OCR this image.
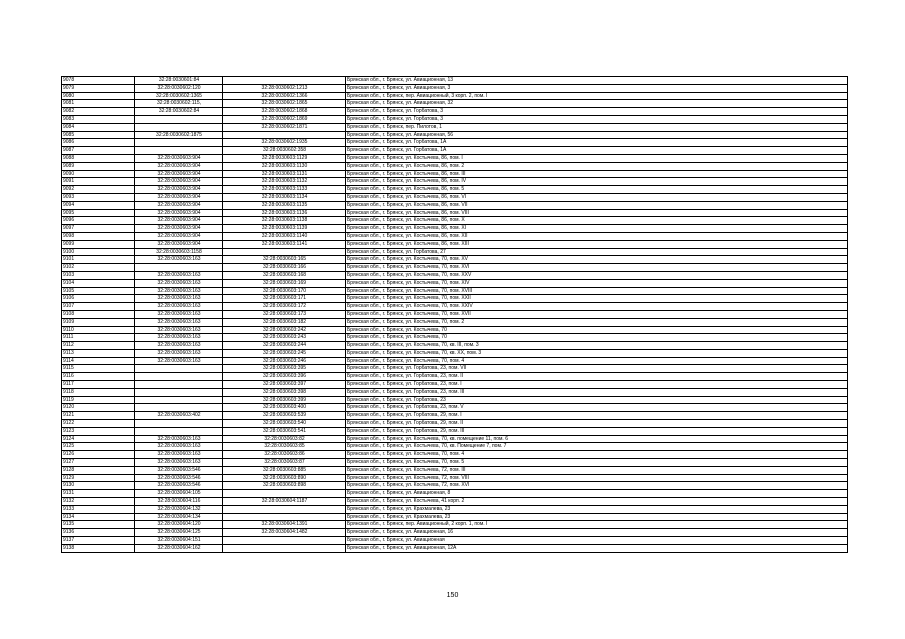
9078	32:28:0030601:84		Брянская обл., г. Брянск, ул. Авиационная, 13
9079	32:28:0030602:120	32:28:0030602:1213	Брянская обл., г. Брянск, ул. Авиационная, 3
9080	32:28:0030602:1365	32:28:0030602:1366	Брянская обл., г. Брянск, пер. Авиационный, 3 корп. 2, пом. I
9081	32:28:0030602:115,	32:28:0030602:1865	Брянская обл., г. Брянск, ул. Авиационная, 32
9082	32:28:0030602:84	32:28:0030602:1868	Брянская обл., г. Брянск, ул. Горбатова, 3
9083		32:28:0030602:1869	Брянская обл., г. Брянск, ул. Горбатова, 3
9084		32:28:0030602:1871	Брянская обл., г. Брянск, пер. Пилотов, 1
9085	32:28:0030602:1875		Брянская обл., г. Брянск, ул. Авиационная, 56
9086		32:28:0030602:1935	Брянская обл., г. Брянск, ул. Горбатова, 1А
9087		32:28:0030602:358	Брянская обл., г. Брянск, ул. Горбатова, 1А
9088	32:28:0030603:904	32:28:0030603:1129	Брянская обл., г. Брянск, ул. Костычева, 86, пом. I
9089	32:28:0030603:904	32:28:0030603:1130	Брянская обл., г. Брянск, ул. Костычева, 86, пом. 2
9090	32:28:0030603:904	32:28:0030603:1131	Брянская обл., г. Брянск, ул. Костычева, 86, пом. III
9091	32:28:0030603:904	32:28:0030603:1132	Брянская обл., г. Брянск, ул. Костычева, 86, пом. IV
9092	32:28:0030603:904	32:28:0030603:1133	Брянская обл., г. Брянск, ул. Костычева, 86, пом. 5
9093	32:28:0030603:904	32:28:0030603:1134	Брянская обл., г. Брянск, ул. Костычева, 86, пом. VI
9094	32:28:0030603:904	32:28:0030603:1135	Брянская обл., г. Брянск, ул. Костычева, 86, пом. VII
9095	32:28:0030603:904	32:28:0030603:1136	Брянская обл., г. Брянск, ул. Костычева, 86, пом. VIII
9096	32:28:0030603:904	32:28:0030603:1138	Брянская обл., г. Брянск, ул. Костычева, 86, пом. X
9097	32:28:0030603:904	32:28:0030603:1139	Брянская обл., г. Брянск, ул. Костычева, 86, пом. XI
9098	32:28:0030603:904	32:28:0030603:1140	Брянская обл., г. Брянск, ул. Костычева, 86, пом. XII
9099	32:28:0030603:904	32:28:0030603:1141	Брянская обл., г. Брянск, ул. Костычева, 86, пом. XIII
9100	32:28:0030603:1158		Брянская обл., г. Брянск, ул. Горбатова, 27
9101	32:28:0030603:163	32:28:0030603:165	Брянская обл., г. Брянск, ул. Костычева, 70, пом. XV
9102		32:28:0030603:166	Брянская обл., г. Брянск, ул. Костычева, 70, пом. XVI
9103	32:28:0030603:163	32:28:0030603:168	Брянская обл., г. Брянск, ул. Костычева, 70, пом. XXV
9104	32:28:0030603:163	32:28:0030603:169	Брянская обл., г. Брянск, ул. Костычева, 70, пом. XIV
9105	32:28:0030603:163	32:28:0030603:170	Брянская обл., г. Брянск, ул. Костычева, 70, пом. XVIII
9106	32:28:0030603:163	32:28:0030603:171	Брянская обл., г. Брянск, ул. Костычева, 70, пом. XXII
9107	32:28:0030603:163	32:28:0030603:172	Брянская обл., г. Брянск, ул. Костычева, 70, пом. XXIV
9108	32:28:0030603:163	32:28:0030603:173	Брянская обл., г. Брянск, ул. Костычева, 70, пом. XVII
9109	32:28:0030603:163	32:28:0030603:182	Брянская обл., г. Брянск, ул. Костычева, 70, пом. 2
9110	32:28:0030603:163	32:28:0030603:242	Брянская обл., г. Брянск, ул. Костычева, 70
9111	32:28:0030603:163	32:28:0030603:243	Брянская обл., г. Брянск, ул. Костычева, 70
9112	32:28:0030603:163	32:28:0030603:244	Брянская обл., г. Брянск, ул. Костычева, 70, кв. III, пом. 3
9113	32:28:0030603:163	32:28:0030603:245	Брянская обл., г. Брянск, ул. Костычева, 70, кв. XX, пом. 3
9114	32:28:0030603:163	32:28:0030603:246	Брянская обл., г. Брянск, ул. Костычева, 70, пом. 4
9115		32:28:0030603:395	Брянская обл., г. Брянск, ул. Горбатова, 23, пом. VII
9116		32:28:0030603:396	Брянская обл., г. Брянск, ул. Горбатова, 23, пом. II
9117		32:28:0030603:397	Брянская обл., г. Брянск, ул. Горбатова, 23, пом. I
9118		32:28:0030603:398	Брянская обл., г. Брянск, ул. Горбатова, 23, пом. III
9119		32:28:0030603:399	Брянская обл., г. Брянск, ул. Горбатова, 23
9120		32:28:0030603:400	Брянская обл., г. Брянск, ул. Горбатова, 23, пом. V
9121	32:28:0030603:402	32:28:0030603:539	Брянская обл., г. Брянск, ул. Горбатова, 29, пом. I
9122		32:28:0030603:540	Брянская обл., г. Брянск, ул. Горбатова, 29, пом. II
9123		32:28:0030603:541	Брянская обл., г. Брянск, ул. Горбатова, 29, пом. III
9124	32:28:0030603:163	32:28:0030603:82	Брянская обл., г. Брянск, ул. Костычева, 70, кв. помещение 11, пом. 6
9125	32:28:0030603:163	32:28:0030603:85	Брянская обл., г. Брянск, ул. Костычева, 70, кв. Помещение 7, пом. 7
9126	32:28:0030603:163	32:28:0030603:86	Брянская обл., г. Брянск, ул. Костычева, 70, пом. 4
9127	32:28:0030603:163	32:28:0030603:87	Брянская обл., г. Брянск, ул. Костычева, 70, пом. 5
9128	32:28:0030603:546	32:28:0030603:885	Брянская обл., г. Брянск, ул. Костычева, 72, пом. III
9129	32:28:0030603:546	32:28:0030603:890	Брянская обл., г. Брянск, ул. Костычева, 72, пом. VIII
9130	32:28:0030603:546	32:28:0030603:898	Брянская обл., г. Брянск, ул. Костычева, 72, пом. XVI
9131	32:28:0030604:105		Брянская обл., г. Брянск, ул. Авиационная, 8
9132	32:28:0030604:116	32:28:0030604:1187	Брянская обл., г. Брянск, ул. Костычева, 41 корп. 2
9133	32:28:0030604:132		Брянская обл., г. Брянск, ул. Крахмалева, 23
9134	32:28:0030604:134		Брянская обл., г. Брянск, ул. Крахмалева, 23
9135	32:28:0030604:120	32:28:0030604:1391	Брянская обл., г. Брянск, пер. Авиационный, 2 корп. 1, пом. I
9136	32:28:0030604:125	32:28:0030604:1482	Брянская обл., г. Брянск, ул. Авиационная, 16
9137	32:28:0030604:151		Брянская обл., г. Брянск, ул. Авиационная
9138	32:28:0030604:162		Брянская обл., г. Брянск, ул. Авиационная, 12А
150
